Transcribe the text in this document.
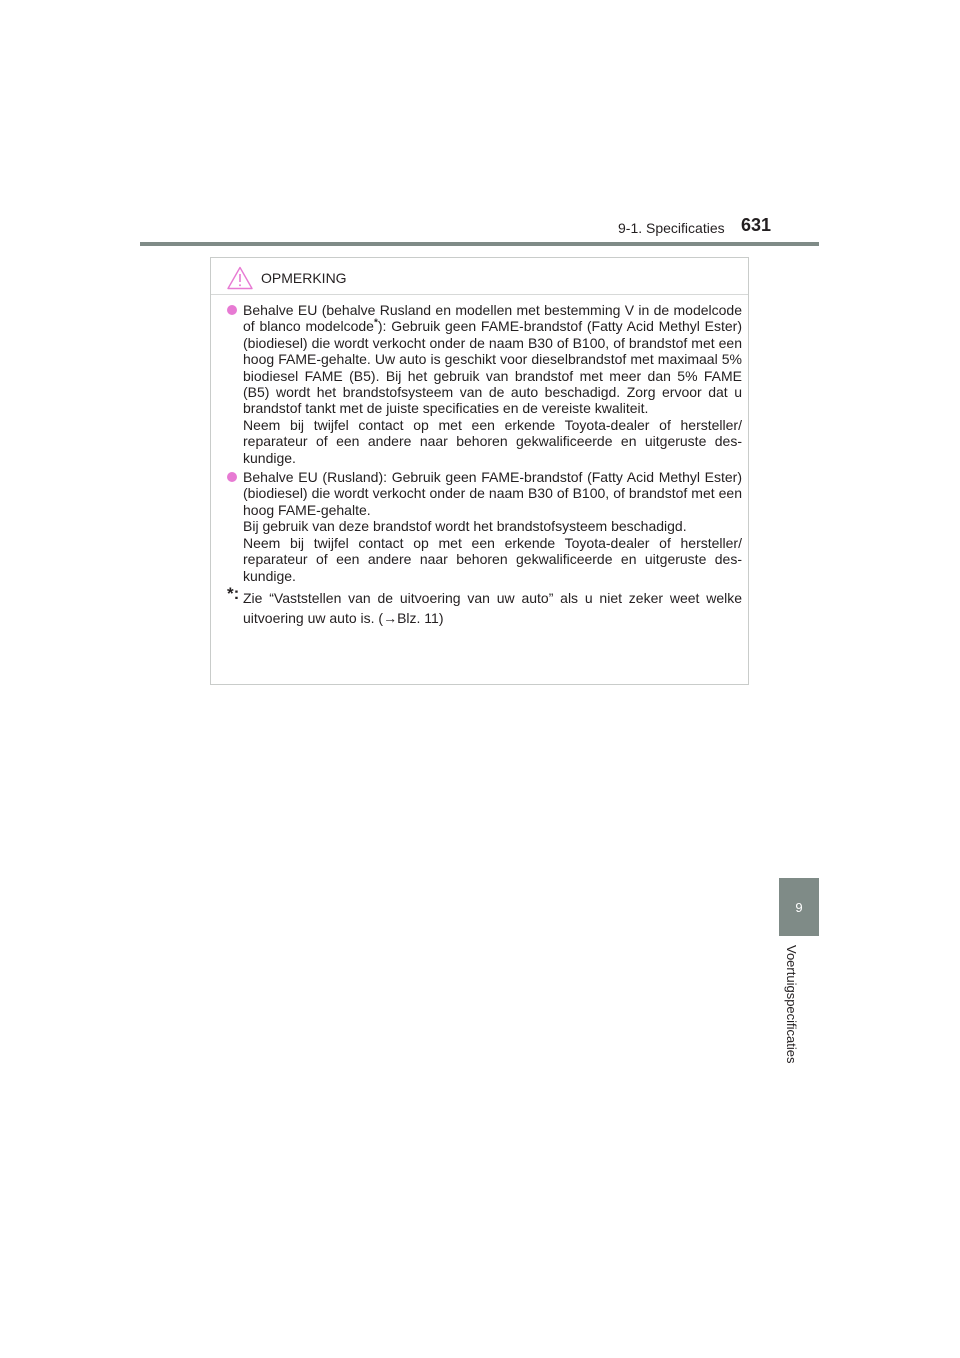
9-1. Specificaties 631
9
Voertuigspecificaties
OPMERKING
Behalve EU (behalve Rusland en modellen met bestemming V in de modelcode of blanco modelcode*): Gebruik geen FAME-brandstof (Fatty Acid Methyl Ester) (biodiesel) die wordt verkocht onder de naam B30 of B100, of brandstof met een hoog FAME-gehalte. Uw auto is geschikt voor dieselbrandstof met maximaal 5% biodiesel FAME (B5). Bij het gebruik van brandstof met meer dan 5% FAME (B5) wordt het brandstofsysteem van de auto beschadigd. Zorg ervoor dat u brandstof tankt met de juiste specificaties en de vereiste kwaliteit.
Neem bij twijfel contact op met een erkende Toyota-dealer of hersteller/ reparateur of een andere naar behoren gekwalificeerde en uitgeruste des- kundige.
Behalve EU (Rusland): Gebruik geen FAME-brandstof (Fatty Acid Methyl Ester) (biodiesel) die wordt verkocht onder de naam B30 of B100, of brandstof met een hoog FAME-gehalte.
Bij gebruik van deze brandstof wordt het brandstofsysteem beschadigd.
Neem bij twijfel contact op met een erkende Toyota-dealer of hersteller/ reparateur of een andere naar behoren gekwalificeerde en uitgeruste des- kundige.
*: Zie “Vaststellen van de uitvoering van uw auto” als u niet zeker weet welke uitvoering uw auto is. (→Blz. 11)
